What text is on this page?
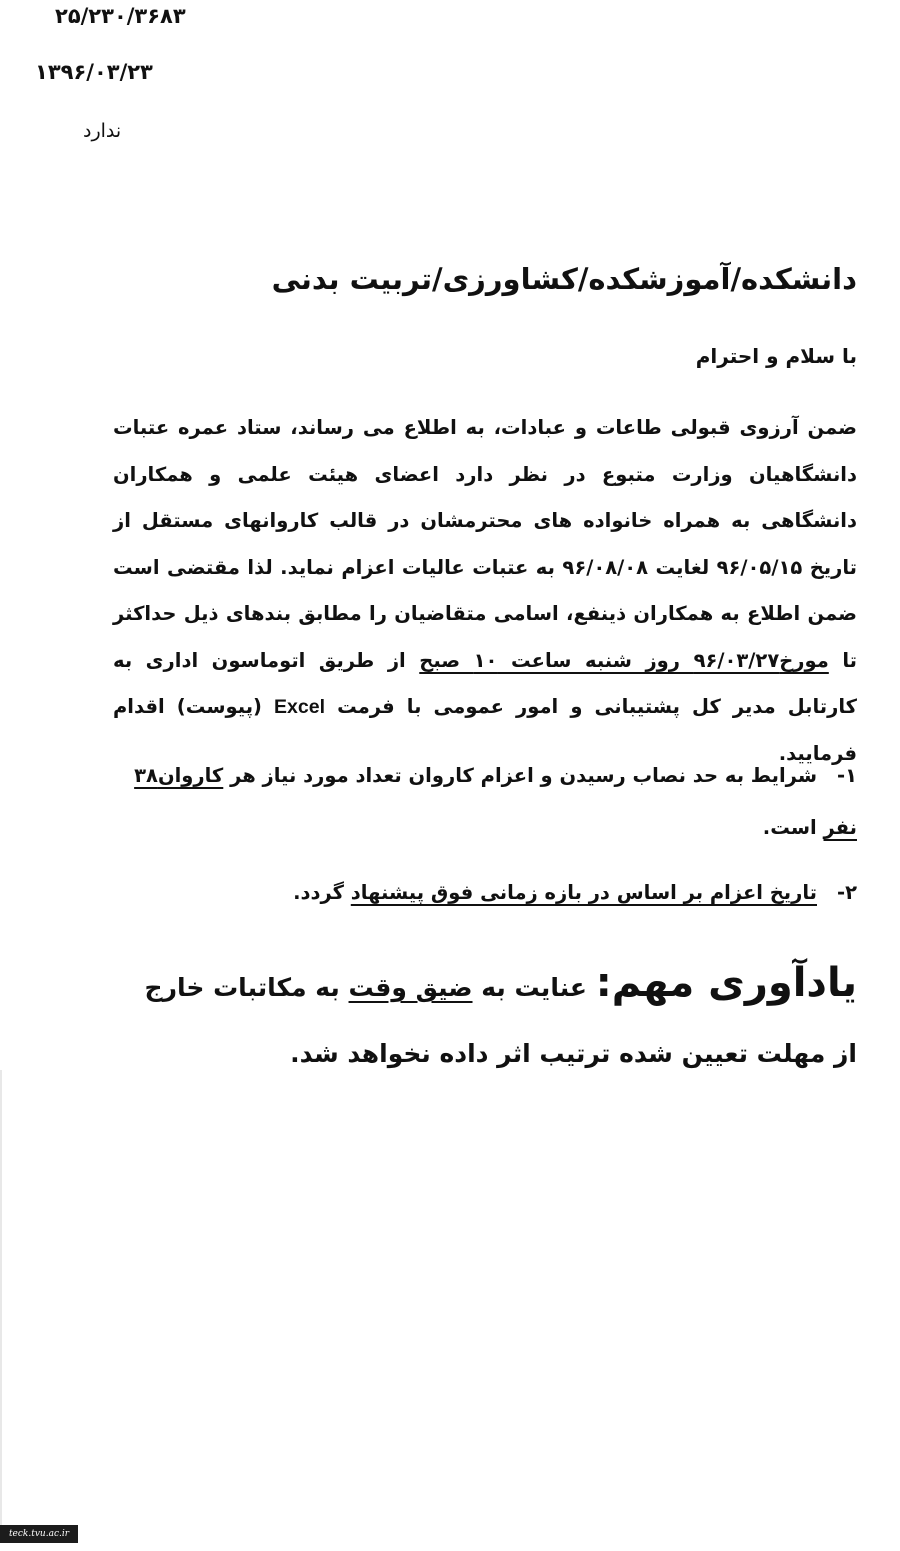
۲۵/۲۳۰/۳۶۸۳
۱۳۹۶/۰۳/۲۳
ندارد
دانشکده/آموزشکده/کشاورزی/تربیت بدنی
با سلام و احترام
ضمن آرزوی قبولی طاعات و عبادات، به اطلاع می رساند، ستاد عمره عتبات دانشگاهیان وزارت متبوع در نظر دارد اعضای هیئت علمی و همکاران دانشگاهی به همراه خانواده های محترمشان در قالب کاروانهای مستقل از تاریخ ۹۶/۰۵/۱۵ لغایت ۹۶/۰۸/۰۸ به عتبات عالیات اعزام نماید. لذا مقتضی است ضمن اطلاع به همکاران ذینفع، اسامی متقاضیان را مطابق بندهای ذیل حداکثر تا مورخ۹۶/۰۳/۲۷ روز شنبه ساعت ۱۰ صبح از طریق اتوماسون اداری به کارتابل مدیر کل پشتیبانی و امور عمومی با فرمت Excel (پیوست) اقدام فرمایید.
۱-شرایط به حد نصاب رسیدن و اعزام کاروان تعداد مورد نیاز هر کاروان۳۸ نفر است.
۲-تاریخ اعزام بر اساس در بازه زمانی فوق پیشنهاد گردد.
یادآوری مهم: عنایت به ضیق وقت به مکاتبات خارج از مهلت تعیین شده ترتیب اثر داده نخواهد شد.
teck.tvu.ac.ir
